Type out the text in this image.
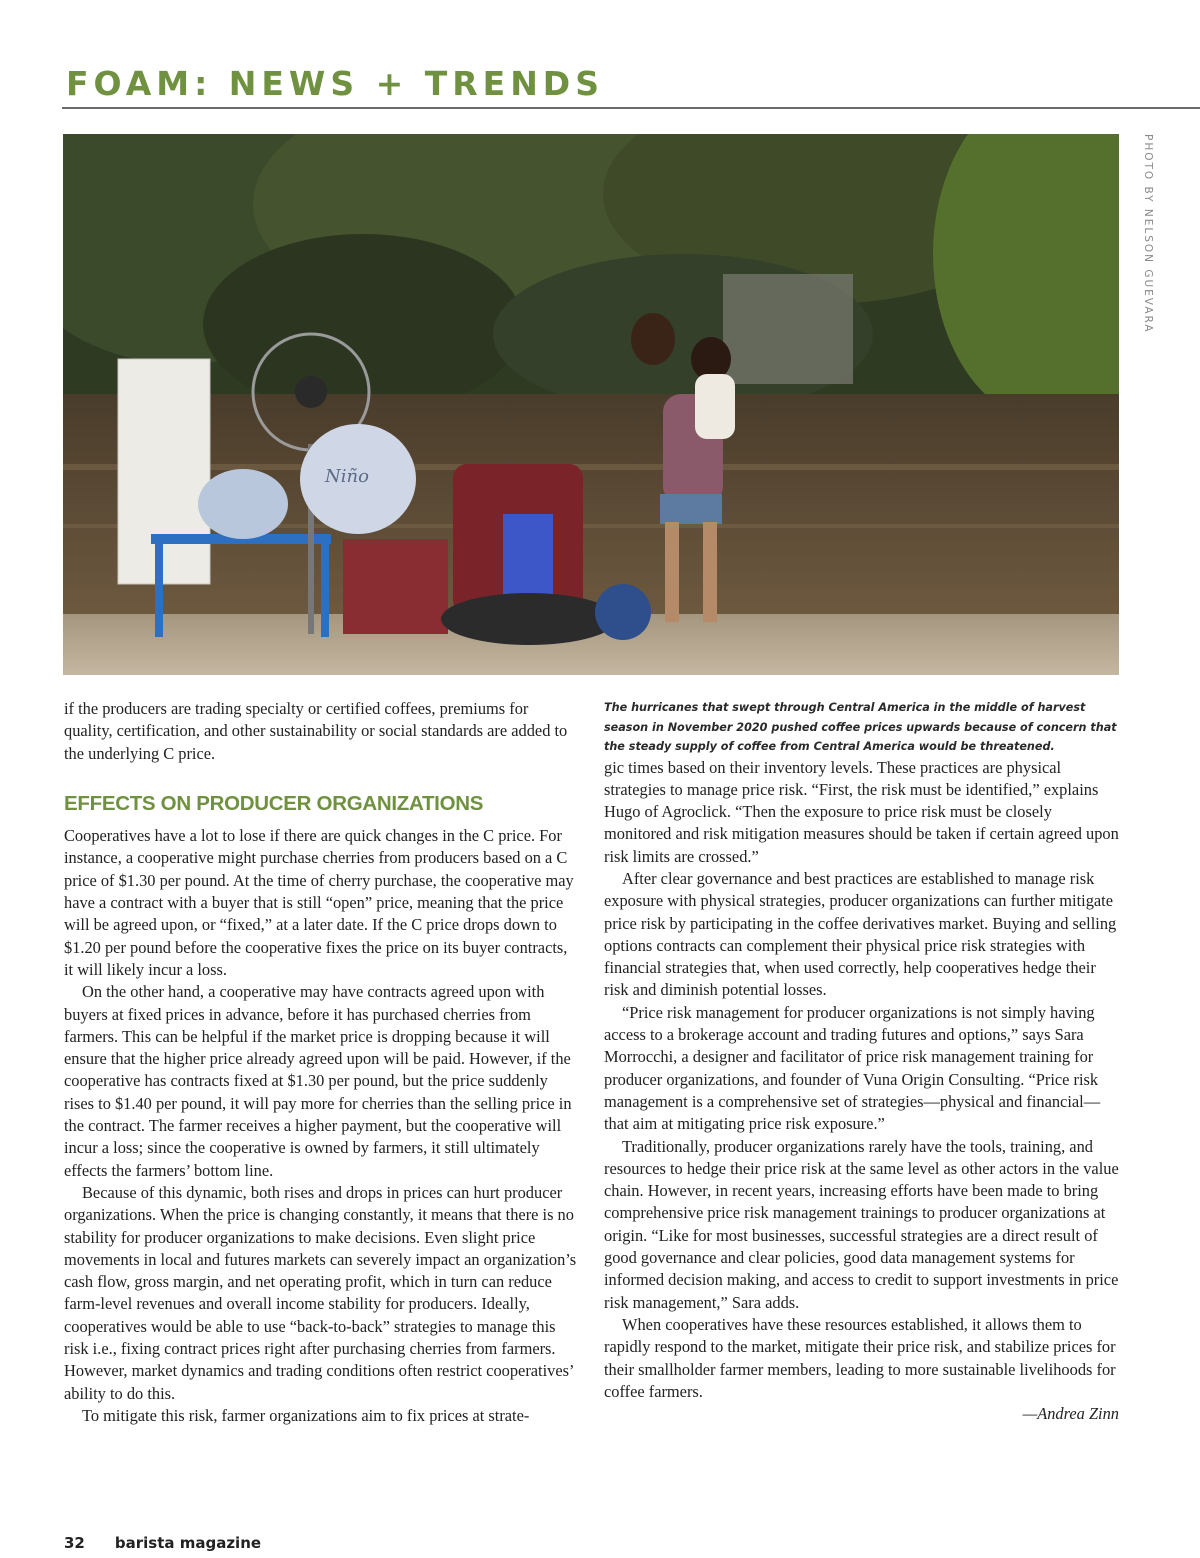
FOAM: NEWS + TRENDS
Niño
PHOTO BY NELSON GUEVARA

if the producers are trading specialty or certified coffees, premiums for quality, certification, and other sustainability or social standards are added to the underlying C price.

EFFECTS ON PRODUCER ORGANIZATIONS

Cooperatives have a lot to lose if there are quick changes in the C price. For instance, a cooperative might purchase cherries from producers based on a C price of $1.30 per pound. At the time of cherry purchase, the cooperative may have a contract with a buyer that is still “open” price, meaning that the price will be agreed upon, or “fixed,” at a later date. If the C price drops down to $1.20 per pound before the cooperative fixes the price on its buyer contracts, it will likely incur a loss.

On the other hand, a cooperative may have contracts agreed upon with buyers at fixed prices in advance, before it has purchased cherries from farmers. This can be helpful if the market price is dropping because it will ensure that the higher price already agreed upon will be paid. However, if the cooperative has contracts fixed at $1.30 per pound, but the price suddenly rises to $1.40 per pound, it will pay more for cherries than the selling price in the contract. The farmer receives a higher payment, but the cooperative will incur a loss; since the cooperative is owned by farmers, it still ultimately effects the farmers’ bottom line.

Because of this dynamic, both rises and drops in prices can hurt producer organizations. When the price is changing constantly, it means that there is no stability for producer organizations to make decisions. Even slight price movements in local and futures markets can severely impact an organization’s cash flow, gross margin, and net operating profit, which in turn can reduce farm-level revenues and overall income stability for producers. Ideally, cooperatives would be able to use “back-to-back” strategies to manage this risk i.e., fixing contract prices right after purchasing cherries from farmers. However, market dynamics and trading conditions often restrict cooperatives’ ability to do this.

To mitigate this risk, farmer organizations aim to fix prices at strate-

The hurricanes that swept through Central America in the middle of harvest season in November 2020 pushed coffee prices upwards because of concern that the steady supply of coffee from Central America would be threatened.

gic times based on their inventory levels. These practices are physical strategies to manage price risk. “First, the risk must be identified,” explains Hugo of Agroclick. “Then the exposure to price risk must be closely monitored and risk mitigation measures should be taken if certain agreed upon risk limits are crossed.”

After clear governance and best practices are established to manage risk exposure with physical strategies, producer organizations can further mitigate price risk by participating in the coffee derivatives market. Buying and selling options contracts can complement their physical price risk strategies with financial strategies that, when used correctly, help cooperatives hedge their risk and diminish potential losses.

“Price risk management for producer organizations is not simply having access to a brokerage account and trading futures and options,” says Sara Morrocchi, a designer and facilitator of price risk management training for producer organizations, and founder of Vuna Origin Consulting. “Price risk management is a comprehensive set of strategies—physical and financial—that aim at mitigating price risk exposure.”

Traditionally, producer organizations rarely have the tools, training, and resources to hedge their price risk at the same level as other actors in the value chain. However, in recent years, increasing efforts have been made to bring comprehensive price risk management trainings to producer organizations at origin. “Like for most businesses, successful strategies are a direct result of good governance and clear policies, good data management systems for informed decision making, and access to credit to support investments in price risk management,” Sara adds.

When cooperatives have these resources established, it allows them to rapidly respond to the market, mitigate their price risk, and stabilize prices for their smallholder farmer members, leading to more sustainable livelihoods for coffee farmers.

—Andrea Zinn

32 barista magazine
